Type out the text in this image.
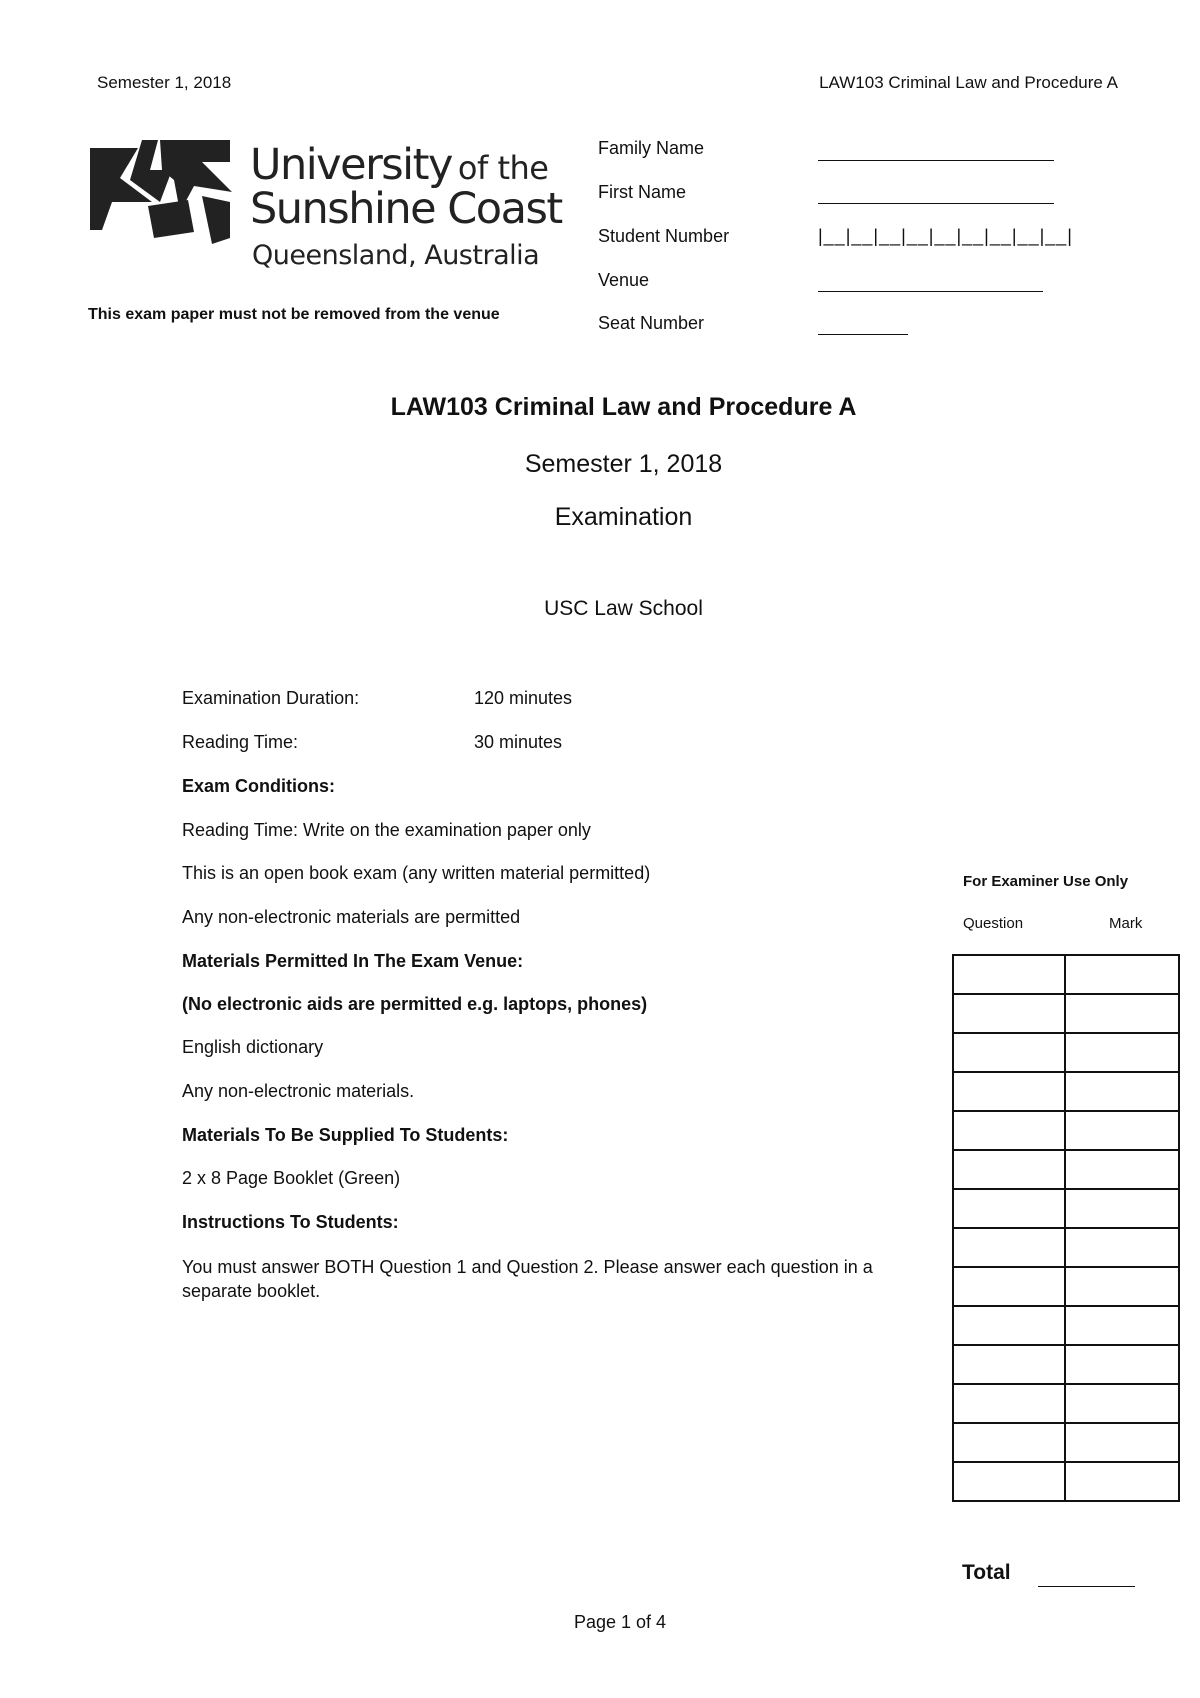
Semester 1, 2018	LAW103 Criminal Law and Procedure A
University of the
Sunshine Coast
Queensland, Australia
This exam paper must not be removed from the venue
Family Name
First Name
Student Number	|__|__|__|__|__|__|__|__|__|
Venue
Seat Number
LAW103 Criminal Law and Procedure A
Semester 1, 2018
Examination
USC Law School
Examination Duration:	120 minutes
Reading Time:	30 minutes
Exam Conditions:
Reading Time: Write on the examination paper only
This is an open book exam (any written material permitted)
Any non-electronic materials are permitted
Materials Permitted In The Exam Venue:
(No electronic aids are permitted e.g. laptops, phones)
English dictionary
Any non-electronic materials.
Materials To Be Supplied To Students:
2 x 8 Page Booklet (Green)
Instructions To Students:
You must answer BOTH Question 1 and Question 2. Please answer each question in a separate booklet.
For Examiner Use Only
Question	Mark

Total
Page 1 of 4
